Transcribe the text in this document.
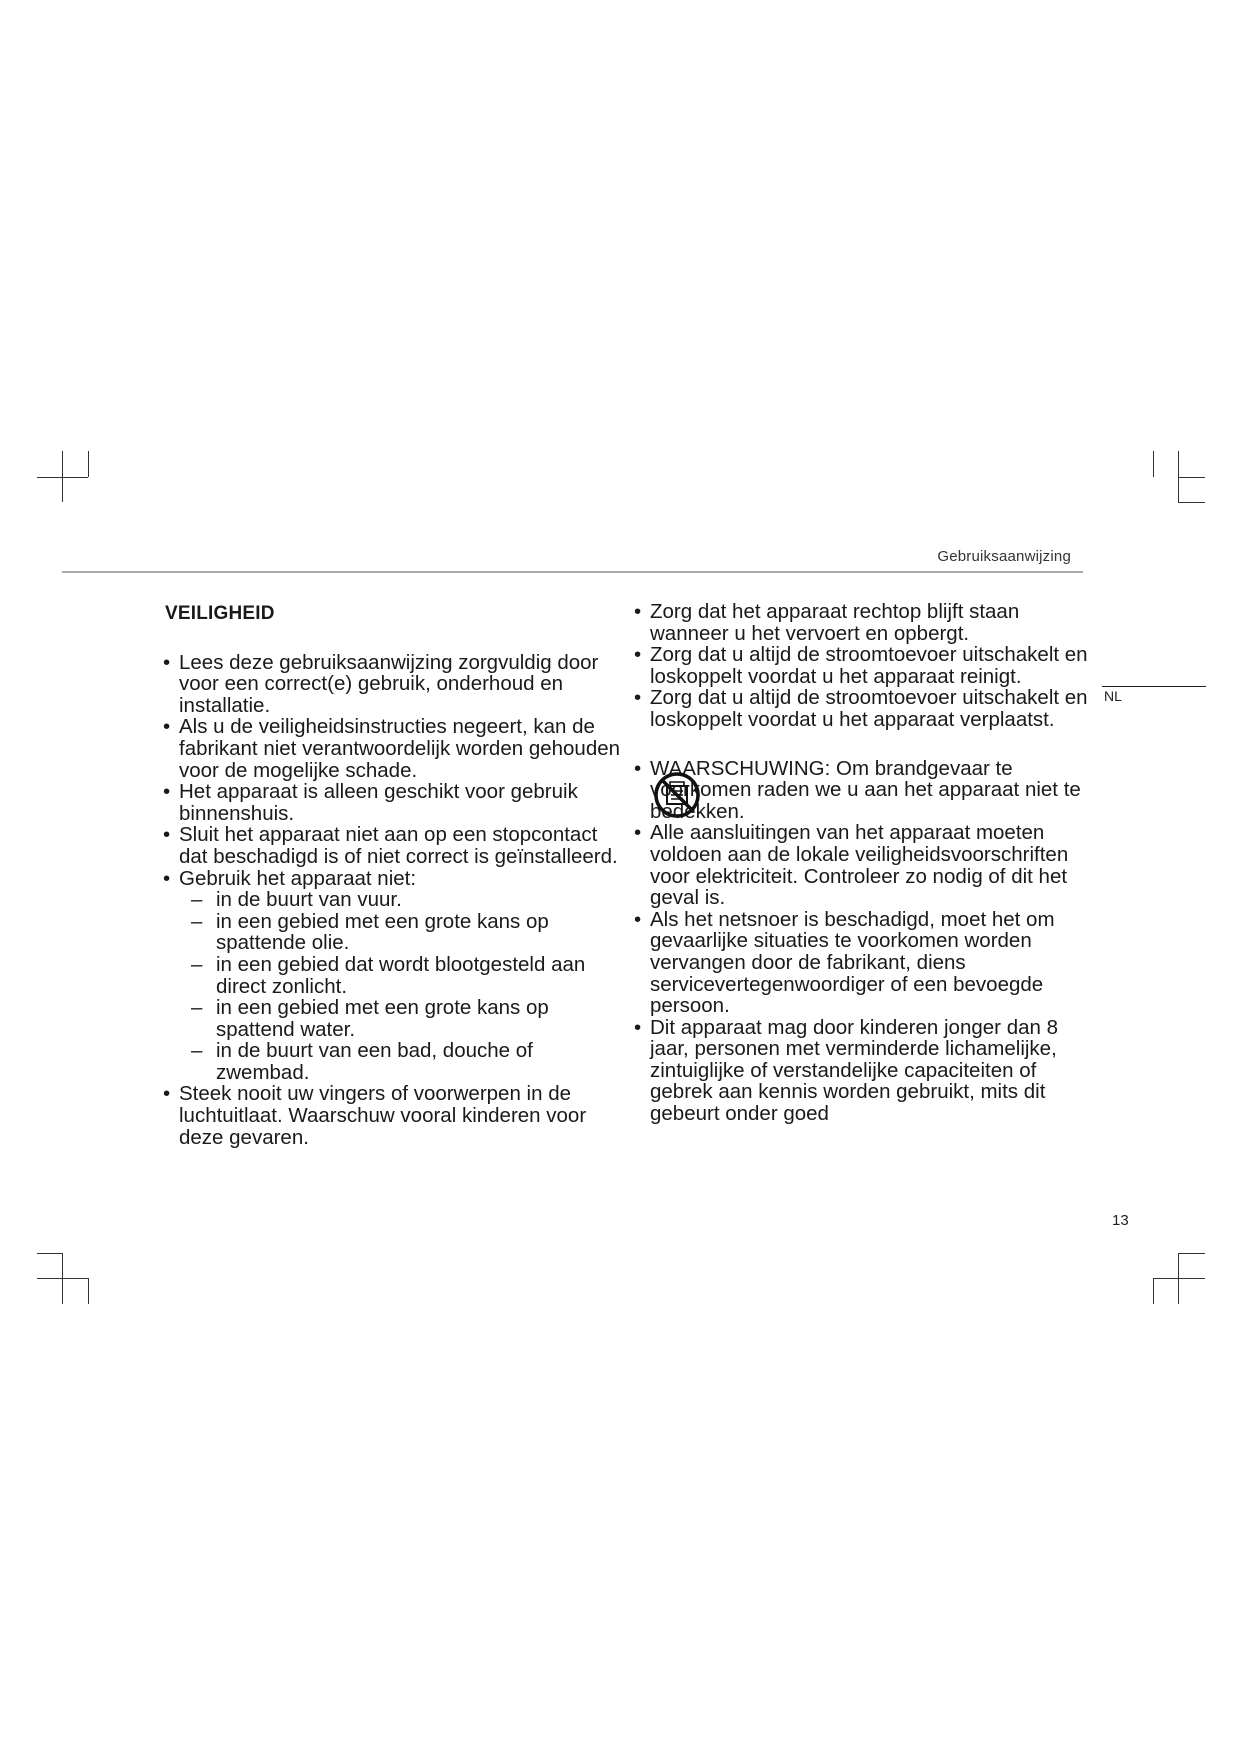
Gebruiksaanwijzing
NL
VEILIGHEID

• Lees deze gebruiksaanwijzing zorgvuldig door voor een correct(e) gebruik, onderhoud en installatie.

• Als u de veiligheidsinstructies negeert, kan de fabrikant niet verantwoordelijk worden gehouden voor de mogelijke schade.

• Het apparaat is alleen geschikt voor gebruik binnenshuis.

• Sluit het apparaat niet aan op een stopcontact dat beschadigd is of niet correct is geïnstalleerd.

• Gebruik het apparaat niet:

– in de buurt van vuur.

– in een gebied met een grote kans op spattende olie.

– in een gebied dat wordt blootgesteld aan direct zonlicht.

– in een gebied met een grote kans op spattend water.

– in de buurt van een bad, douche of zwembad.

• Steek nooit uw vingers of voorwerpen in de luchtuitlaat. Waarschuw vooral kinderen voor deze gevaren.

• Zorg dat het apparaat rechtop blijft staan wanneer u het vervoert en opbergt.

• Zorg dat u altijd de stroomtoevoer uitschakelt en loskoppelt voordat u het apparaat reinigt.

• Zorg dat u altijd de stroomtoevoer uitschakelt en loskoppelt voordat u het apparaat verplaatst.

• WAARSCHUWING: Om brandgevaar te voorkomen raden we u aan het apparaat niet te bedekken.

• Alle aansluitingen van het apparaat moeten voldoen aan de lokale veiligheidsvoorschriften voor elektriciteit. Controleer zo nodig of dit het geval is.

• Als het netsnoer is beschadigd, moet het om gevaarlijke situaties te voorkomen worden vervangen door de fabrikant, diens servicevertegenwoordiger of een bevoegde persoon.

• Dit apparaat mag door kinderen jonger dan 8 jaar, personen met verminderde lichamelijke, zintuiglijke of verstandelijke capaciteiten of gebrek aan kennis worden gebruikt, mits dit gebeurt onder goed

13
